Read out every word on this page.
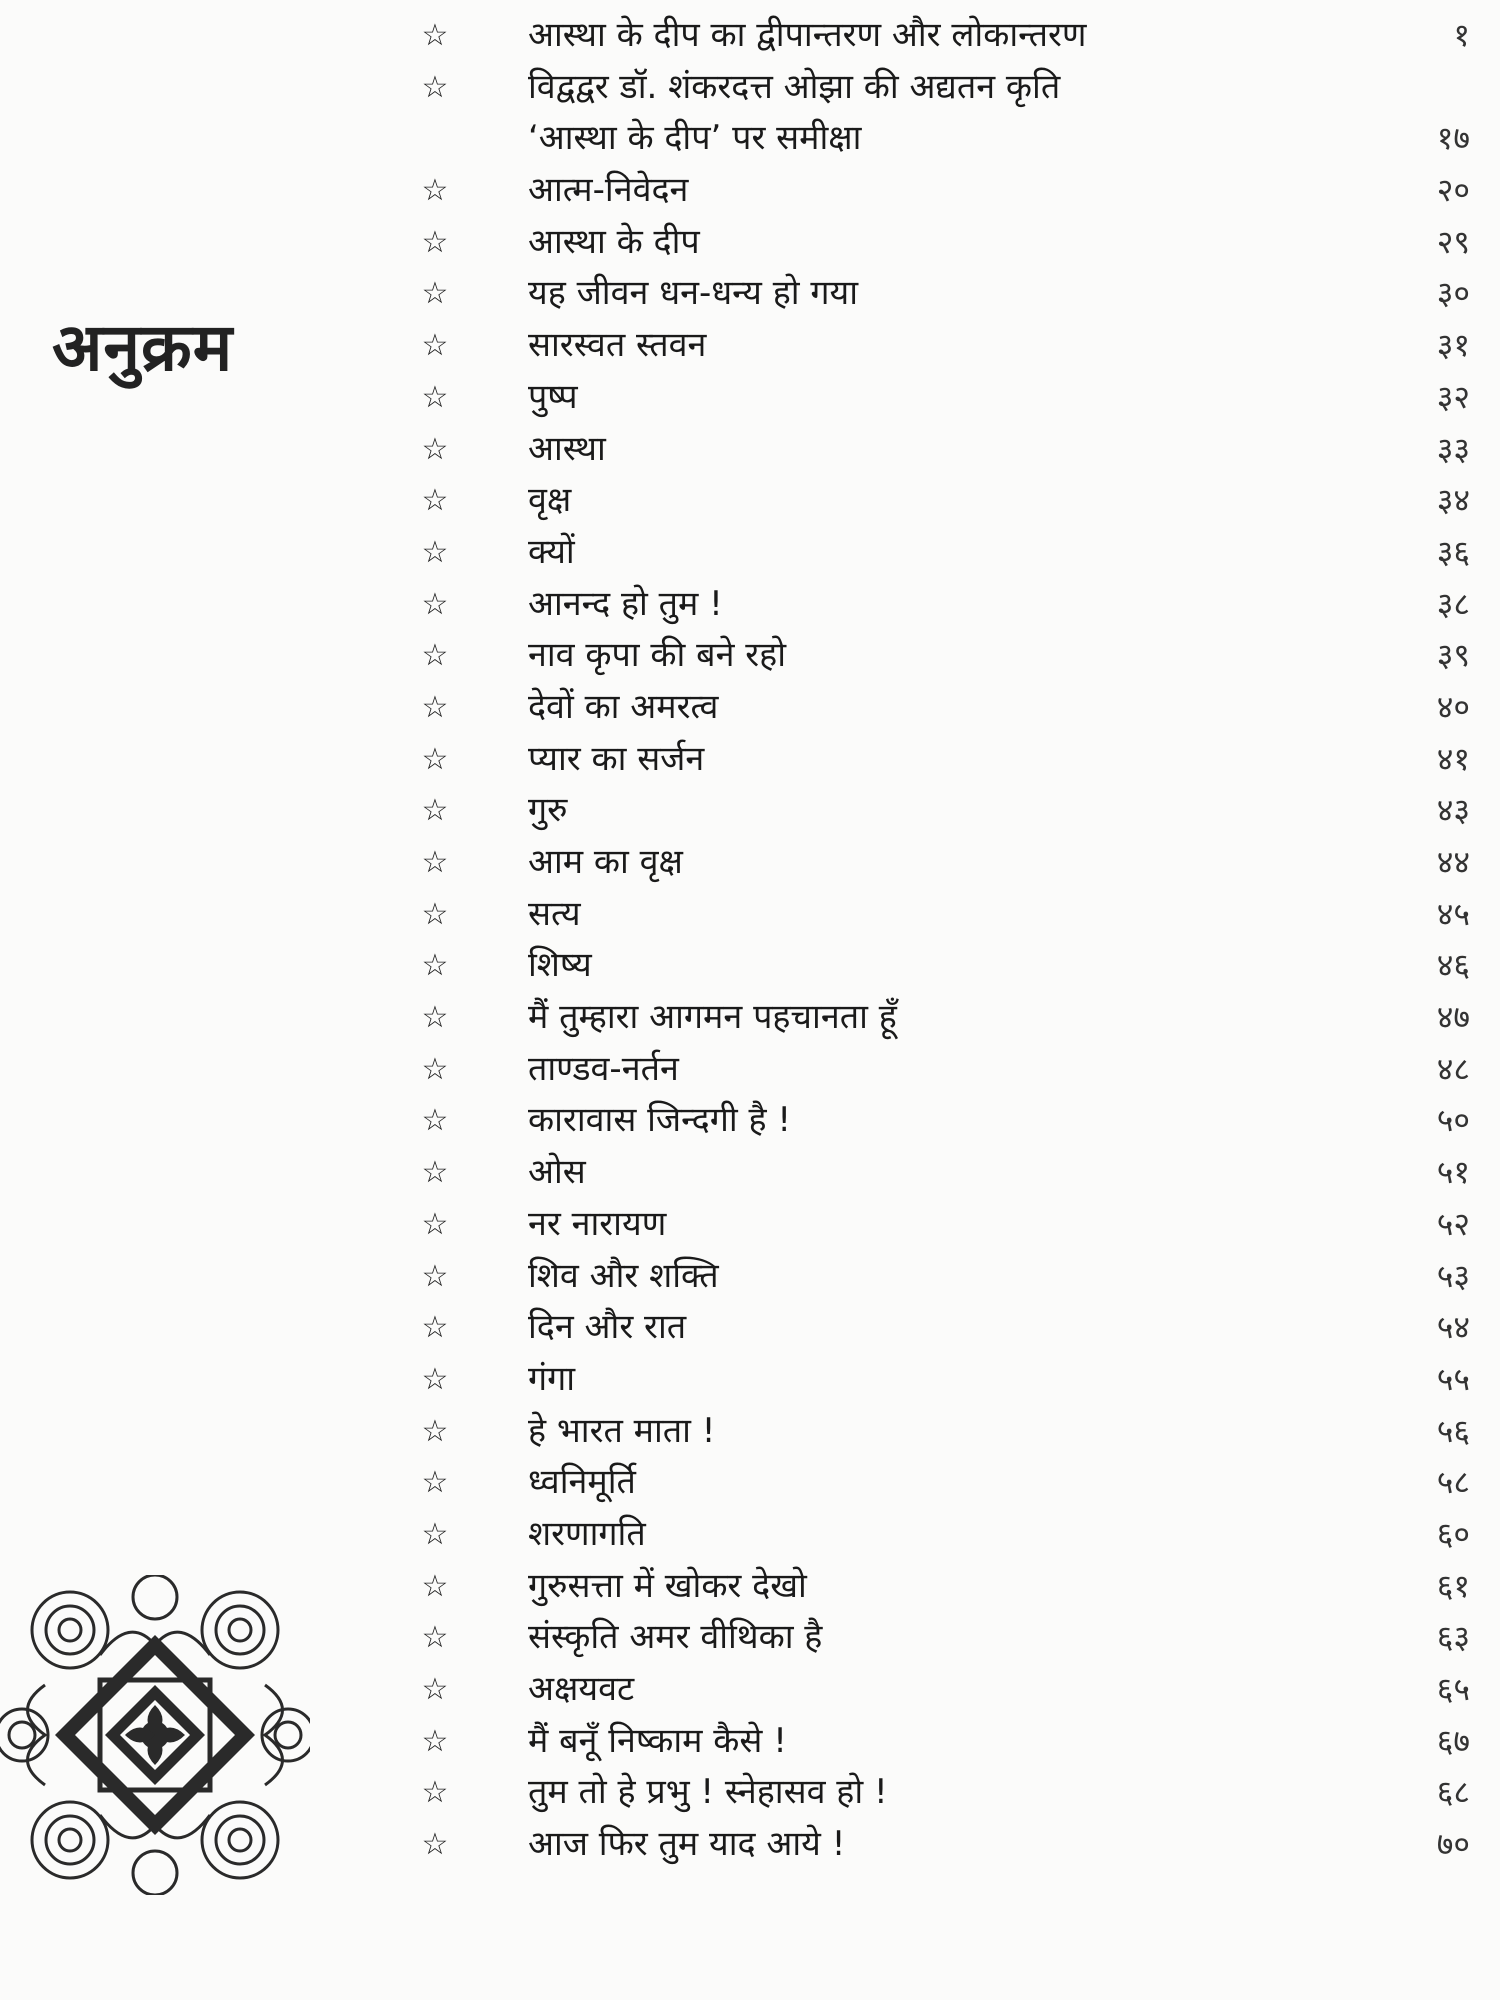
अनुक्रम
☆	आस्था के दीप का द्वीपान्तरण और लोकान्तरण	१
☆	विद्वद्वर डॉ. शंकरदत्त ओझा की अद्यतन कृति
‘आस्था के दीप’ पर समीक्षा	१७
☆	आत्म-निवेदन	२०
☆	आस्था के दीप	२९
☆	यह जीवन धन-धन्य हो गया	३०
☆	सारस्वत स्तवन	३१
☆	पुष्प	३२
☆	आस्था	३३
☆	वृक्ष	३४
☆	क्यों	३६
☆	आनन्द हो तुम !	३८
☆	नाव कृपा की बने रहो	३९
☆	देवों का अमरत्व	४०
☆	प्यार का सर्जन	४१
☆	गुरु	४३
☆	आम का वृक्ष	४४
☆	सत्य	४५
☆	शिष्य	४६
☆	मैं तुम्हारा आगमन पहचानता हूँ	४७
☆	ताण्डव-नर्तन	४८
☆	कारावास जिन्दगी है !	५०
☆	ओस	५१
☆	नर नारायण	५२
☆	शिव और शक्ति	५३
☆	दिन और रात	५४
☆	गंगा	५५
☆	हे भारत माता !	५६
☆	ध्वनिमूर्ति	५८
☆	शरणागति	६०
☆	गुरुसत्ता में खोकर देखो	६१
☆	संस्कृति अमर वीथिका है	६३
☆	अक्षयवट	६५
☆	मैं बनूँ निष्काम कैसे !	६७
☆	तुम तो हे प्रभु ! स्नेहासव हो !	६८
☆	आज फिर तुम याद आये !	७०
